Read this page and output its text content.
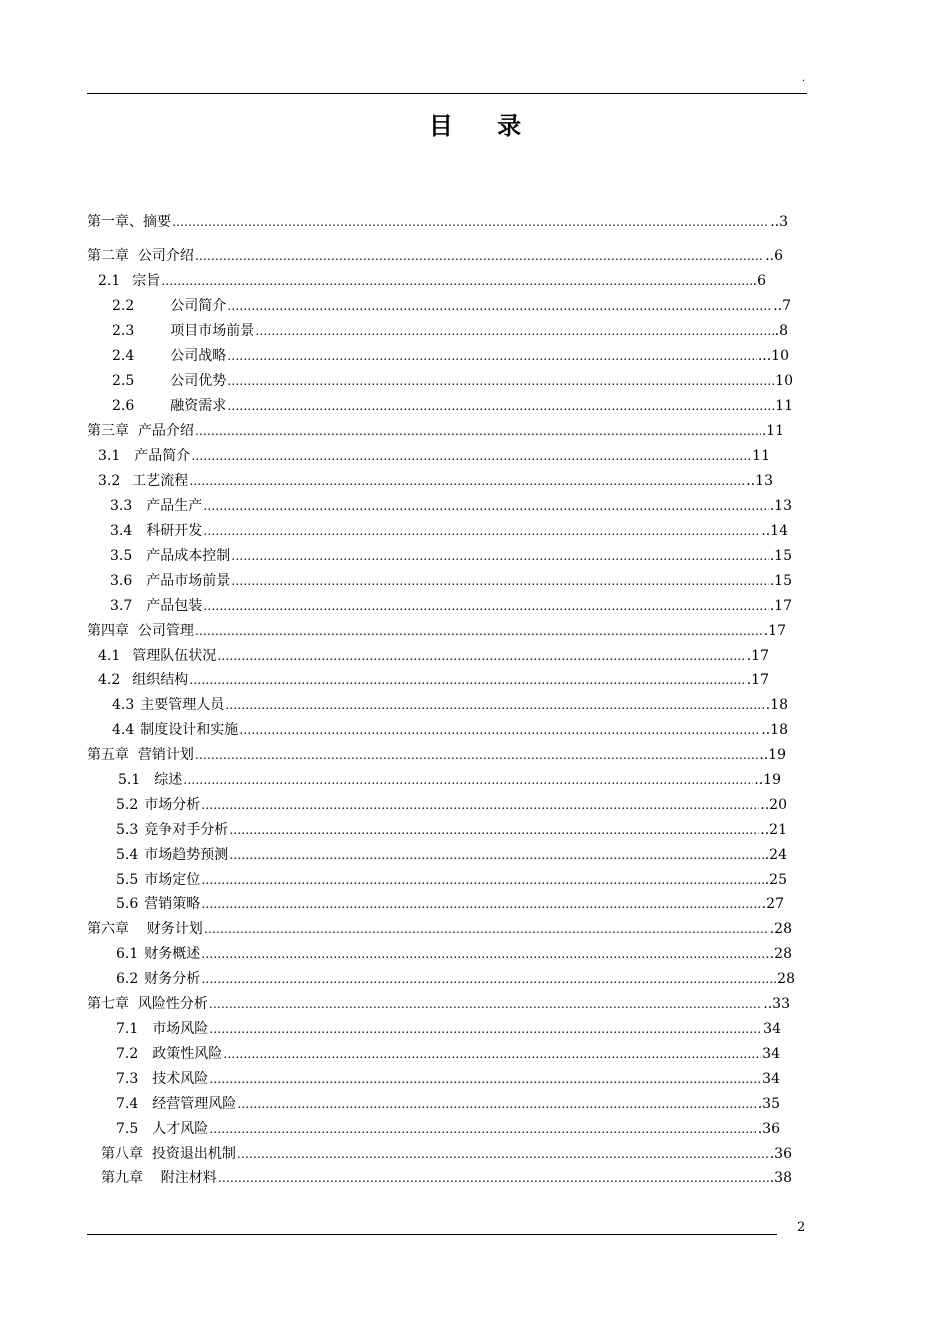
.
目 录
第一章、摘要 …………………………………………………………………………………………………………………………………………………………………………………………………………………………………………………	..3
第二章  公司介绍 …………………………………………………………………………………………………………………………………………………………………………………………………………………………………………………	..6
2.1 宗旨 …………………………………………………………………………………………………………………………………………………………………………………………………………………………………………………	.6
2.2	公司简介 …………………………………………………………………………………………………………………………………………………………………………………………………………………………………………………	..7
2.3	项目市场前景 …………………………………………………………………………………………………………………………………………………………………………………………………………………………………………………	.8
2.4	公司战略 …………………………………………………………………………………………………………………………………………………………………………………………………………………………………………………	...10
2.5	公司优势 …………………………………………………………………………………………………………………………………………………………………………………………………………………………………………………	10
2.6	融资需求 …………………………………………………………………………………………………………………………………………………………………………………………………………………………………………………	11
第三章  产品介绍 …………………………………………………………………………………………………………………………………………………………………………………………………………………………………………………	.11
3.1 产品简介 …………………………………………………………………………………………………………………………………………………………………………………………………………………………………………………	11
3.2 工艺流程 …………………………………………………………………………………………………………………………………………………………………………………………………………………………………………………	..13
3.3 产品生产 …………………………………………………………………………………………………………………………………………………………………………………………………………………………………………………	.13
3.4 科研开发 …………………………………………………………………………………………………………………………………………………………………………………………………………………………………………………	..14
3.5 产品成本控制 …………………………………………………………………………………………………………………………………………………………………………………………………………………………………………………	.15
3.6 产品市场前景 …………………………………………………………………………………………………………………………………………………………………………………………………………………………………………………	.15
3.7 产品包装 …………………………………………………………………………………………………………………………………………………………………………………………………………………………………………………	.17
第四章  公司管理 …………………………………………………………………………………………………………………………………………………………………………………………………………………………………………………	.17
4.1 管理队伍状况 …………………………………………………………………………………………………………………………………………………………………………………………………………………………………………………	.17
4.2 组织结构 …………………………………………………………………………………………………………………………………………………………………………………………………………………………………………………	.17
4.3 主要管理人员 …………………………………………………………………………………………………………………………………………………………………………………………………………………………………………………	.18
4.4 制度设计和实施 …………………………………………………………………………………………………………………………………………………………………………………………………………………………………………………	..18
第五章  营销计划 …………………………………………………………………………………………………………………………………………………………………………………………………………………………………………………	..19
5.1 综述 …………………………………………………………………………………………………………………………………………………………………………………………………………………………………………………	..19
5.2 市场分析 …………………………………………………………………………………………………………………………………………………………………………………………………………………………………………………	..20
5.3 竞争对手分析 …………………………………………………………………………………………………………………………………………………………………………………………………………………………………………………	..21
5.4 市场趋势预测 …………………………………………………………………………………………………………………………………………………………………………………………………………………………………………………	.24
5.5 市场定位 …………………………………………………………………………………………………………………………………………………………………………………………………………………………………………………	.25
5.6 营销策略 …………………………………………………………………………………………………………………………………………………………………………………………………………………………………………………	.27
第六章    财务计划 …………………………………………………………………………………………………………………………………………………………………………………………………………………………………………………	.28
6.1 财务概述 …………………………………………………………………………………………………………………………………………………………………………………………………………………………………………………	.28
6.2 财务分析 …………………………………………………………………………………………………………………………………………………………………………………………………………………………………………………	28
第七章  风险性分析 …………………………………………………………………………………………………………………………………………………………………………………………………………………………………………………	..33
7.1 市场风险 …………………………………………………………………………………………………………………………………………………………………………………………………………………………………………………	34
7.2 政策性风险 …………………………………………………………………………………………………………………………………………………………………………………………………………………………………………………	34
7.3 技术风险 …………………………………………………………………………………………………………………………………………………………………………………………………………………………………………………	34
7.4 经营管理风险 …………………………………………………………………………………………………………………………………………………………………………………………………………………………………………………	.35
7.5 人才风险 …………………………………………………………………………………………………………………………………………………………………………………………………………………………………………………	.36
第八章  投资退出机制 …………………………………………………………………………………………………………………………………………………………………………………………………………………………………………………	.36
第九章    附注材料 …………………………………………………………………………………………………………………………………………………………………………………………………………………………………………………	.38
2
